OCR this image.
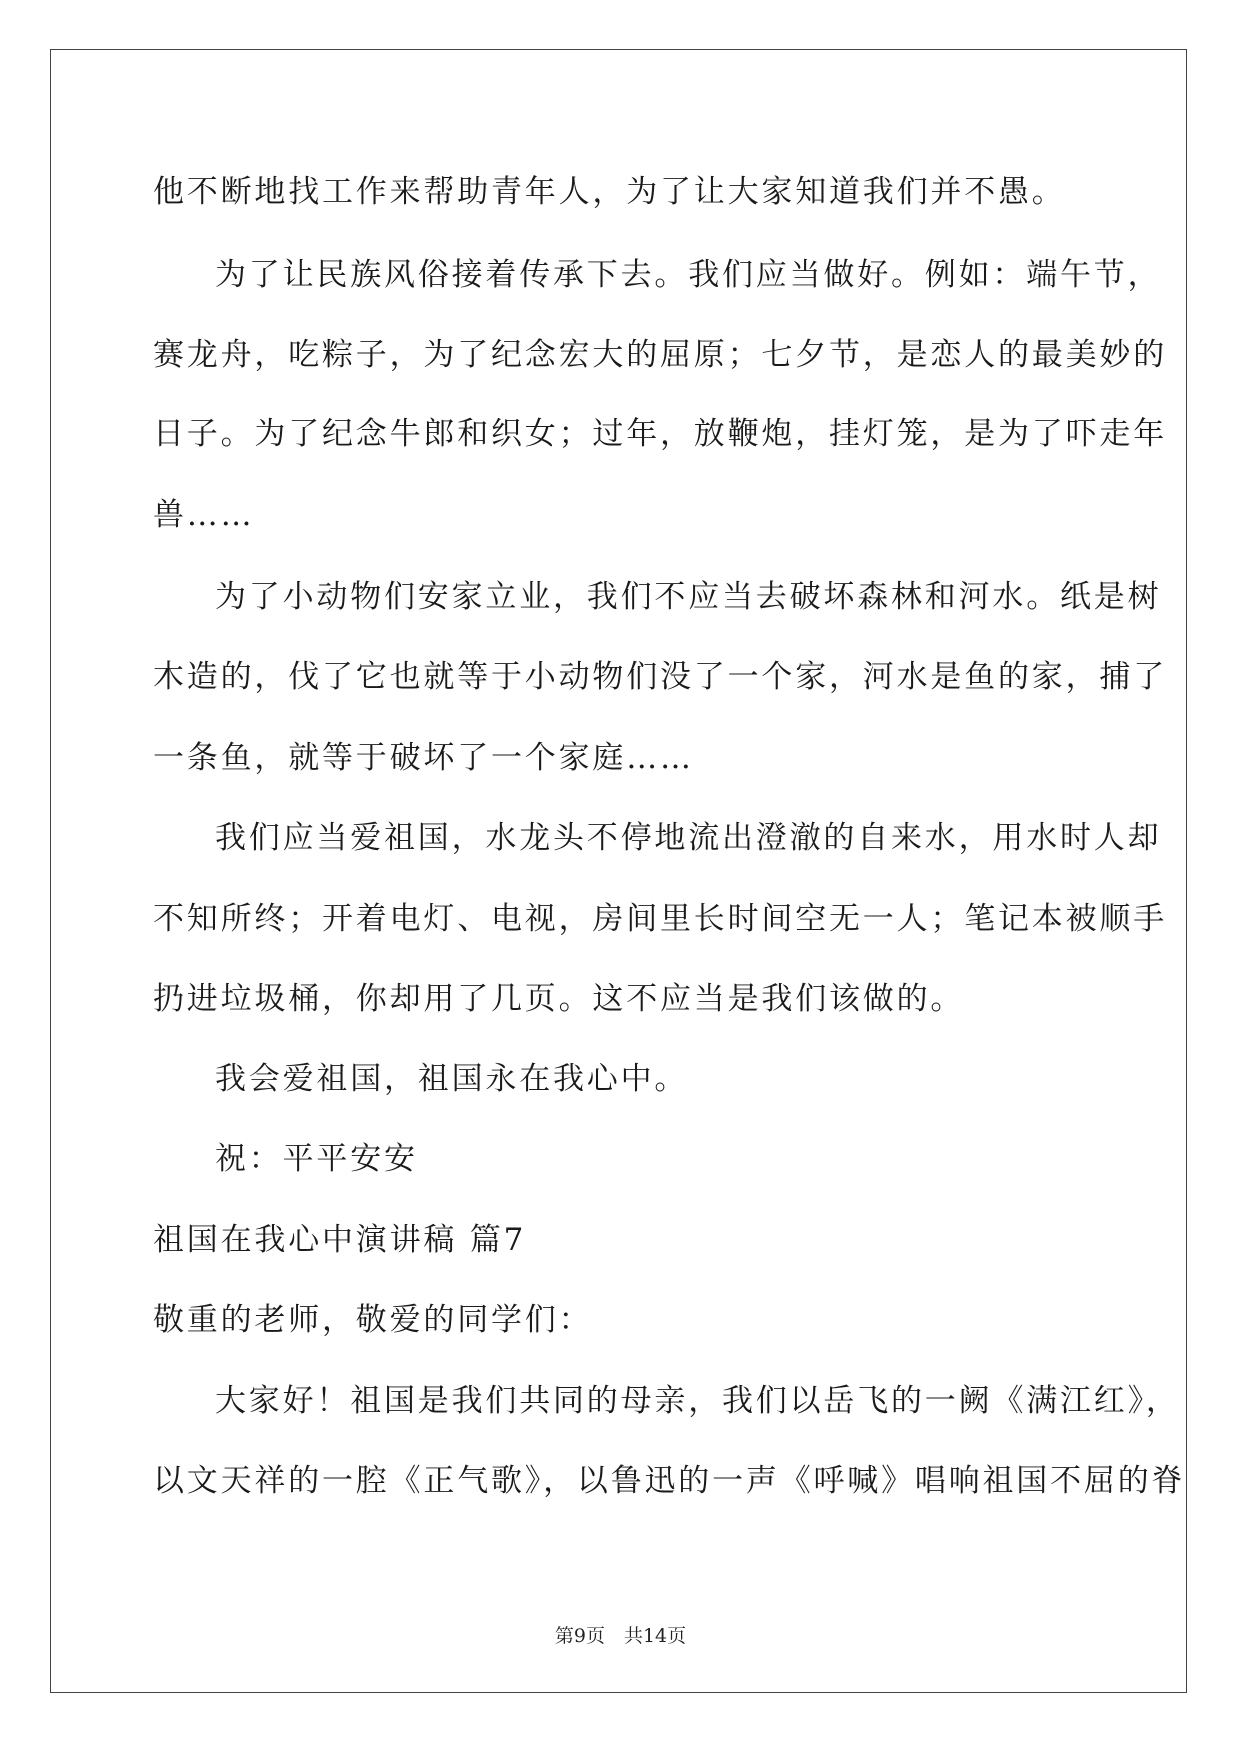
他不断地找工作来帮助青年人，为了让大家知道我们并不愚。
为了让民族风俗接着传承下去。我们应当做好。例如：端午节，
赛龙舟，吃粽子，为了纪念宏大的屈原；七夕节，是恋人的最美妙的
日子。为了纪念牛郎和织女；过年，放鞭炮，挂灯笼，是为了吓走年
兽……
为了小动物们安家立业，我们不应当去破坏森林和河水。纸是树
木造的，伐了它也就等于小动物们没了一个家，河水是鱼的家，捕了
一条鱼，就等于破坏了一个家庭……
我们应当爱祖国，水龙头不停地流出澄澈的自来水，用水时人却
不知所终；开着电灯、电视，房间里长时间空无一人；笔记本被顺手
扔进垃圾桶，你却用了几页。这不应当是我们该做的。
我会爱祖国，祖国永在我心中。
祝：平平安安
祖国在我心中演讲稿 篇7
敬重的老师，敬爱的同学们：
大家好！祖国是我们共同的母亲，我们以岳飞的一阙《满江红》，
以文天祥的一腔《正气歌》，以鲁迅的一声《呼喊》唱响祖国不屈的脊
第9页　共14页
